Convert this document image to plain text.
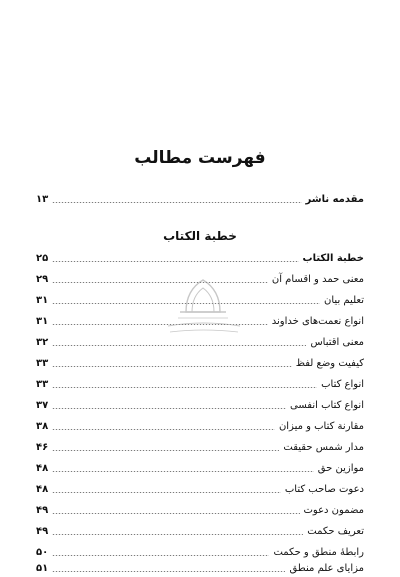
فهرست مطالب
مقدمه ناشر
۱۳
خطبة الکتاب
خطبة الکتاب
۲۵
معنی حمد و اقسام آن
۲۹
تعلیم بیان
۳۱
انواع نعمت‌های خداوند
۳۱
معنی اقتباس
۳۲
کیفیت وضع لفظ
۳۳
انواع کتاب
۳۳
انواع کتاب انفسی
۳۷
مقارنة کتاب و میزان
۳۸
مدار شمس حقیقت
۴۶
موازین حق
۴۸
دعوت صاحب کتاب
۴۸
مضمون دعوت
۴۹
تعریف حکمت
۴۹
رابطهٔ منطق و حکمت
۵۰
مزایای علم منطق
۵۱
